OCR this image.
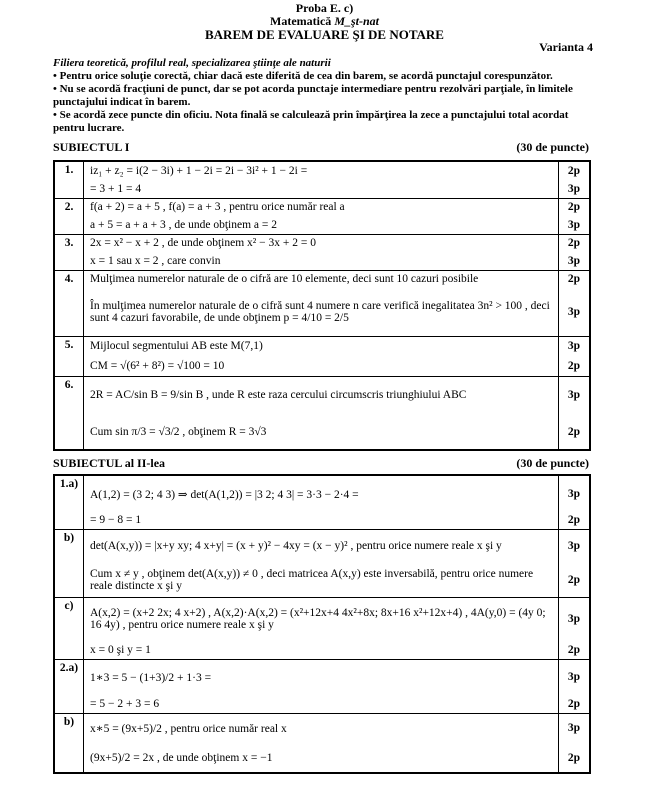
Proba E. c)
Matematică M_şt-nat
BAREM DE EVALUARE ŞI DE NOTARE
Varianta 4
Filiera teoretică, profilul real, specializarea ştiinţe ale naturii
• Pentru orice soluţie corectă, chiar dacă este diferită de cea din barem, se acordă punctajul corespunzător.
• Nu se acordă fracţiuni de punct, dar se pot acorda punctaje intermediare pentru rezolvări parţiale, în limitele punctajului indicat în barem.
• Se acordă zece puncte din oficiu. Nota finală se calculează prin împărţirea la zece a punctajului total acordat pentru lucrare.
SUBIECTUL I	(30 de puncte)
1.	iz₁ + z₂ = i(2 − 3i) + 1 − 2i = 2i − 3i² + 1 − 2i =	2p
	= 3 + 1 = 4	3p
2.	f(a + 2) = a + 5 , f(a) = a + 3 , pentru orice număr real a	2p
	a + 5 = a + a + 3 , de unde obţinem a = 2	3p
3.	2x = x² − x + 2 , de unde obţinem x² − 3x + 2 = 0	2p
	x = 1 sau x = 2 , care convin	3p
4.	Mulţimea numerelor naturale de o cifră are 10 elemente, deci sunt 10 cazuri posibile	2p
	În mulţimea numerelor naturale de o cifră sunt 4 numere n care verifică inegalitatea 3n² > 100 , deci sunt 4 cazuri favorabile, de unde obţinem p = 4/10 = 2/5	3p
5.	Mijlocul segmentului AB este M(7,1)	3p
	CM = √(6² + 8²) = √100 = 10	2p
6.	2R = AC/sin B = 9/sin B , unde R este raza cercului circumscris triunghiului ABC	3p
	Cum sin π/3 = √3/2 , obţinem R = 3√3	2p
SUBIECTUL al II-lea	(30 de puncte)
1.a)	A(1,2) = (3 2; 4 3) ⇒ det(A(1,2)) = |3 2; 4 3| = 3·3 − 2·4 =	3p
	= 9 − 8 = 1	2p
b)	det(A(x,y)) = |x+y xy; 4 x+y| = (x + y)² − 4xy = (x − y)² , pentru orice numere reale x şi y	3p
	Cum x ≠ y , obţinem det(A(x,y)) ≠ 0 , deci matricea A(x,y) este inversabilă, pentru orice numere reale distincte x şi y	2p
c)	A(x,2) = (x+2 2x; 4 x+2) , A(x,2)·A(x,2) = (x²+12x+4 4x²+8x; 8x+16 x²+12x+4) , 4A(y,0) = (4y 0; 16 4y) , pentru orice numere reale x şi y	3p
	x = 0 şi y = 1	2p
2.a)	1∗3 = 5 − (1+3)/2 + 1·3 =	3p
	= 5 − 2 + 3 = 6	2p
b)	x∗5 = (9x+5)/2 , pentru orice număr real x	3p
	(9x+5)/2 = 2x , de unde obţinem x = −1	2p
